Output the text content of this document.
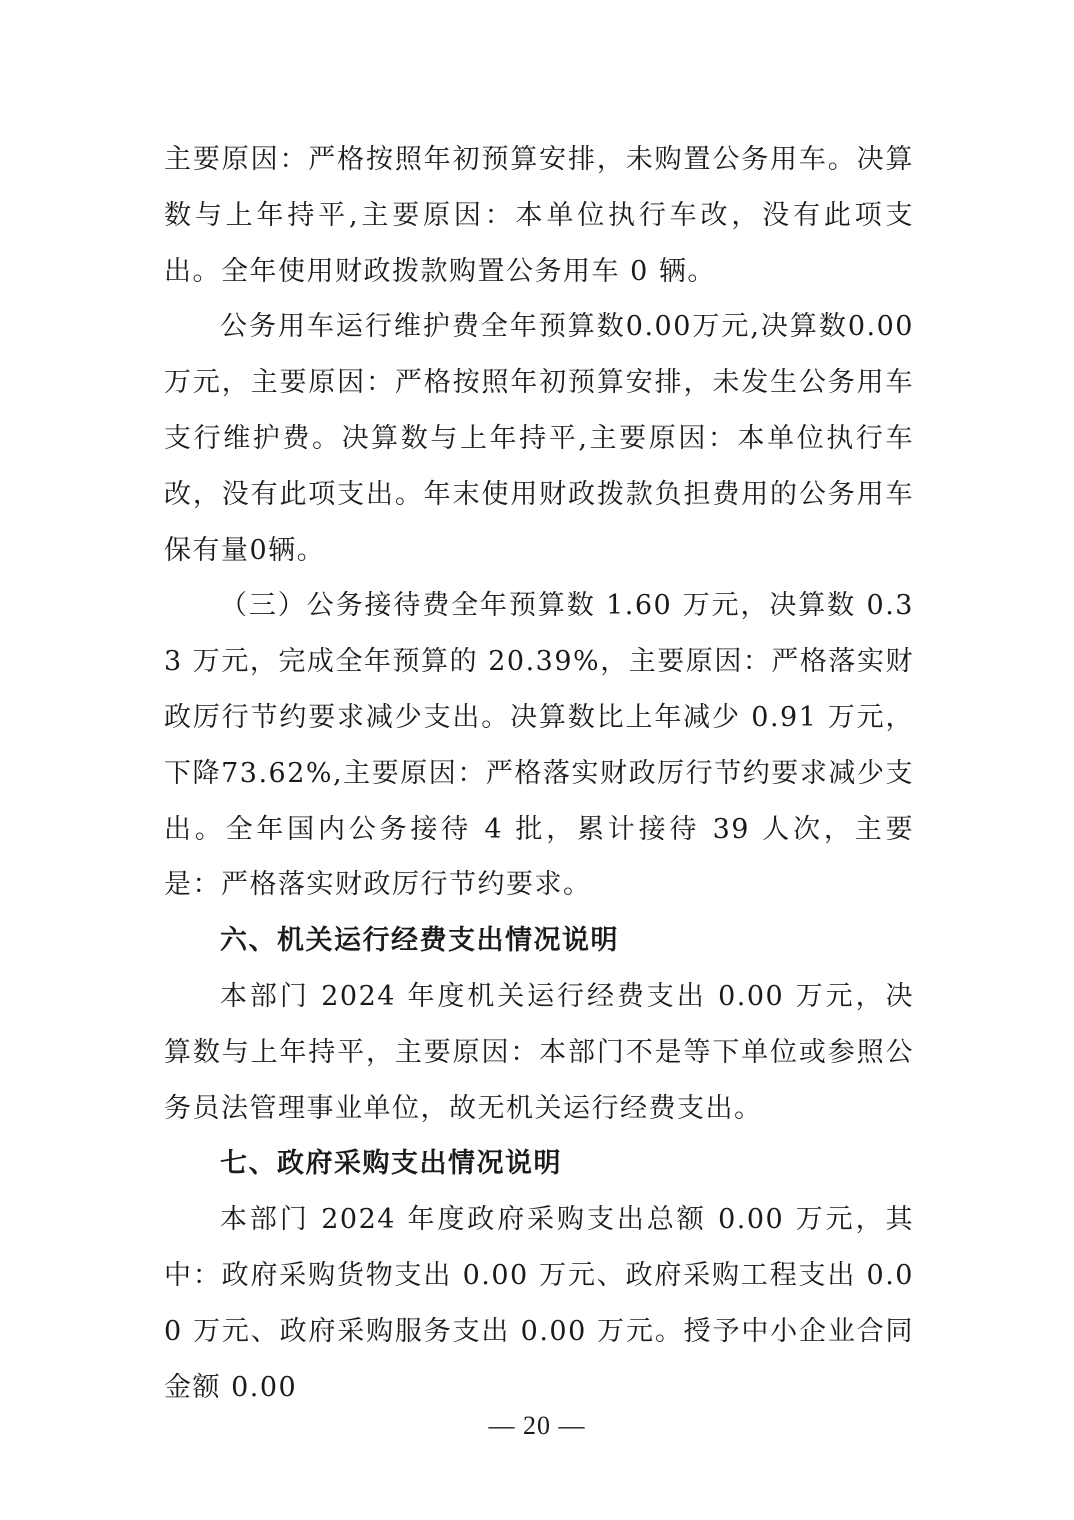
主要原因：严格按照年初预算安排，未购置公务用车。决算数与上年持平,主要原因：本单位执行车改，没有此项支出。全年使用财政拨款购置公务用车 0 辆。

公务用车运行维护费全年预算数0.00万元,决算数0.00万元，主要原因：严格按照年初预算安排，未发生公务用车支行维护费。决算数与上年持平,主要原因：本单位执行车改，没有此项支出。年末使用财政拨款负担费用的公务用车保有量0辆。

（三）公务接待费全年预算数 1.60 万元，决算数 0.33 万元，完成全年预算的 20.39%，主要原因：严格落实财政厉行节约要求减少支出。决算数比上年减少 0.91 万元，下降73.62%,主要原因：严格落实财政厉行节约要求减少支出。全年国内公务接待 4 批，累计接待 39 人次，主要是：严格落实财政厉行节约要求。

六、机关运行经费支出情况说明

本部门 2024 年度机关运行经费支出 0.00 万元，决算数与上年持平，主要原因：本部门不是等下单位或参照公务员法管理事业单位，故无机关运行经费支出。

七、政府采购支出情况说明

本部门 2024 年度政府采购支出总额 0.00 万元，其中：政府采购货物支出 0.00 万元、政府采购工程支出 0.00 万元、政府采购服务支出 0.00 万元。授予中小企业合同金额 0.00

— 20 —
